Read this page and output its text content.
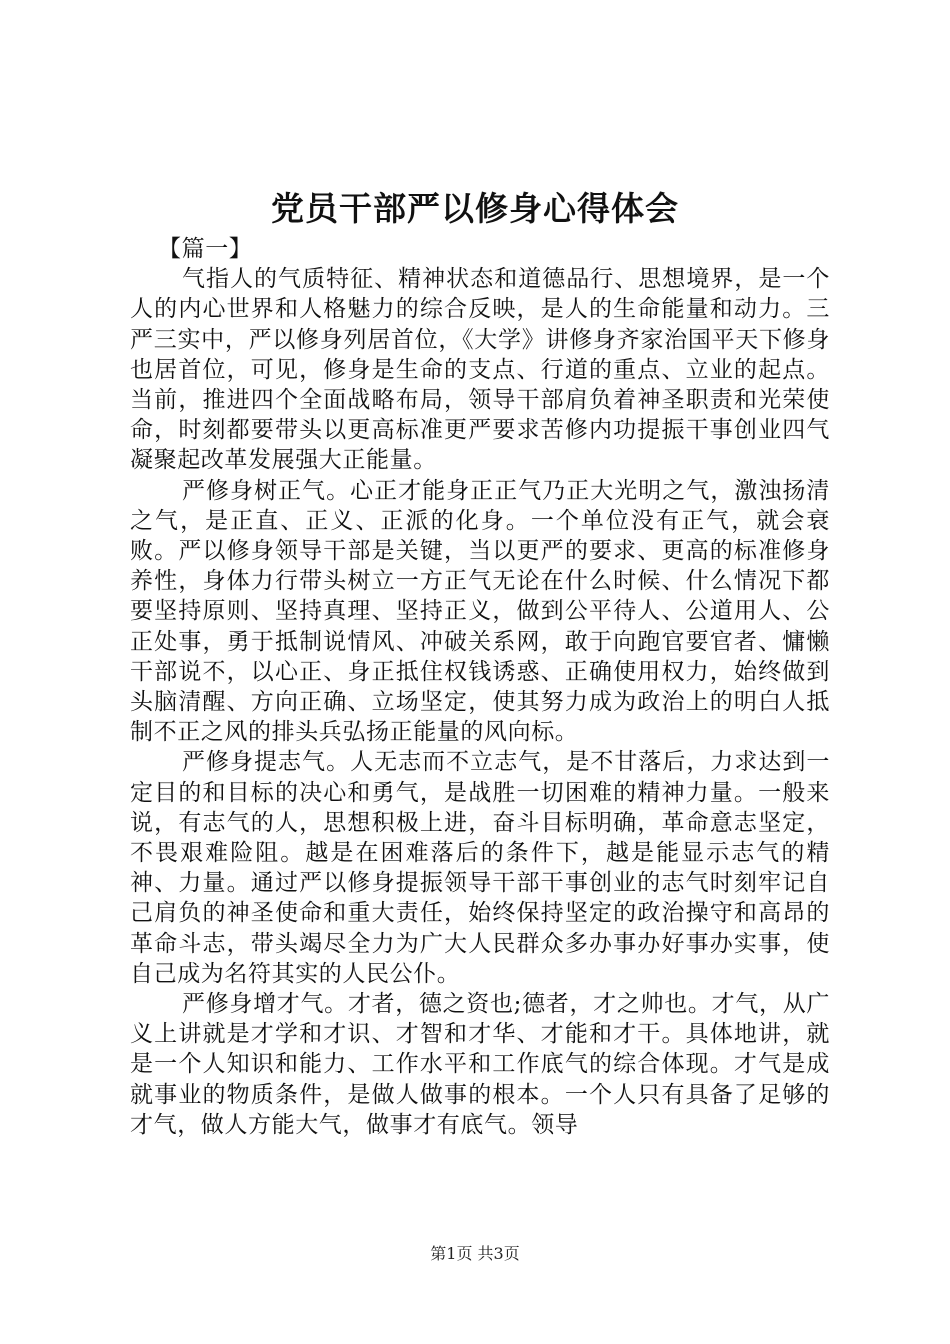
党员干部严以修身心得体会

【篇一】

气指人的气质特征、精神状态和道德品行、思想境界，是一个人的内心世界和人格魅力的综合反映，是人的生命能量和动力。三严三实中，严以修身列居首位，《大学》讲修身齐家治国平天下修身也居首位，可见，修身是生命的支点、行道的重点、立业的起点。当前，推进四个全面战略布局，领导干部肩负着神圣职责和光荣使命，时刻都要带头以更高标准更严要求苦修内功提振干事创业四气凝聚起改革发展强大正能量。

严修身树正气。心正才能身正正气乃正大光明之气，激浊扬清之气，是正直、正义、正派的化身。一个单位没有正气，就会衰败。严以修身领导干部是关键，当以更严的要求、更高的标准修身养性，身体力行带头树立一方正气无论在什么时候、什么情况下都要坚持原则、坚持真理、坚持正义，做到公平待人、公道用人、公正处事，勇于抵制说情风、冲破关系网，敢于向跑官要官者、慵懒干部说不，以心正、身正抵住权钱诱惑、正确使用权力，始终做到头脑清醒、方向正确、立场坚定，使其努力成为政治上的明白人抵制不正之风的排头兵弘扬正能量的风向标。

严修身提志气。人无志而不立志气，是不甘落后，力求达到一定目的和目标的决心和勇气，是战胜一切困难的精神力量。一般来说，有志气的人，思想积极上进，奋斗目标明确，革命意志坚定，不畏艰难险阻。越是在困难落后的条件下，越是能显示志气的精神、力量。通过严以修身提振领导干部干事创业的志气时刻牢记自己肩负的神圣使命和重大责任，始终保持坚定的政治操守和高昂的革命斗志，带头竭尽全力为广大人民群众多办事办好事办实事，使自己成为名符其实的人民公仆。

严修身增才气。才者，德之资也;德者，才之帅也。才气，从广义上讲就是才学和才识、才智和才华、才能和才干。具体地讲，就是一个人知识和能力、工作水平和工作底气的综合体现。才气是成就事业的物质条件，是做人做事的根本。一个人只有具备了足够的才气，做人方能大气，做事才有底气。领导

第1页 共3页
